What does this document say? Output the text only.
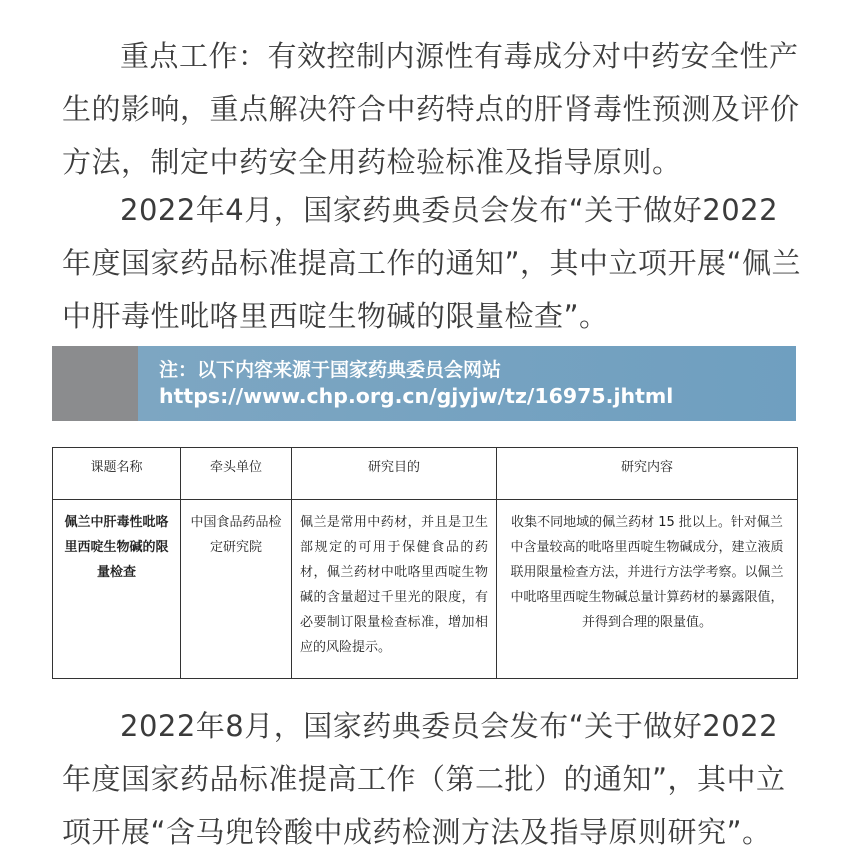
重点工作：有效控制内源性有毒成分对中药安全性产生的影响，重点解决符合中药特点的肝肾毒性预测及评价方法，制定中药安全用药检验标准及指导原则。

2022年4月，国家药典委员会发布“关于做好2022年度国家药品标准提高工作的通知”，其中立项开展“佩兰中肝毒性吡咯里西啶生物碱的限量检查”。

注：以下内容来源于国家药典委员会网站
https://www.chp.org.cn/gjyjw/tz/16975.jhtml
课题名称	牵头单位	研究目的	研究内容
佩兰中肝毒性吡咯里西啶生物碱的限量检查	中国食品药品检定研究院	佩兰是常用中药材，并且是卫生部规定的可用于保健食品的药材，佩兰药材中吡咯里西啶生物碱的含量超过千里光的限度，有必要制订限量检查标准，增加相应的风险提示。	收集不同地域的佩兰药材 15 批以上。针对佩兰中含量较高的吡咯里西啶生物碱成分，建立液质联用限量检查方法，并进行方法学考察。以佩兰中吡咯里西啶生物碱总量计算药材的暴露限值，并得到合理的限量值。

2022年8月，国家药典委员会发布“关于做好2022年度国家药品标准提高工作（第二批）的通知”，其中立项开展“含马兜铃酸中成药检测方法及指导原则研究”。
